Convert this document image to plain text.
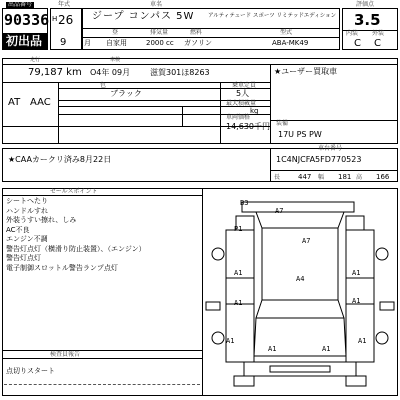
出品番号
90336
初出品
年式
H 26
9
車名
ジープ コンパス 5W アルティテュード スポーツ リミテッドエディション
登	排気量	燃料	型式
月 自家用	2000 cc ガソリン	ABA-MK49
評価点
3.5
内装 外装
C C
走行	車検
79,187 km O4年 09月 滋賀301ほ8263	★ユーザー買取車
色	乗車定員
AT AAC
ブラック	5人
最大積載量
kg
車両価格
14,630千円 装備
17U PS PW
★CAAカークリ済み8月22日
車台番号
1C4NJCFA5FD770523
長	447 幅 181 高 166
セールスポイント
シートへたり
ハンドルすれ
外装うすい擦れ、しみ
AC不良
エンジン不調
警告灯点灯（横滑り防止装置）、（エンジン）
警告灯点灯
電子制御スロットル警告ランプ点灯
検査員報告
点切りスタート
B3
A7
P1
A7
A1	A1
A4
A1	A1
A1	A1
A1	A1
